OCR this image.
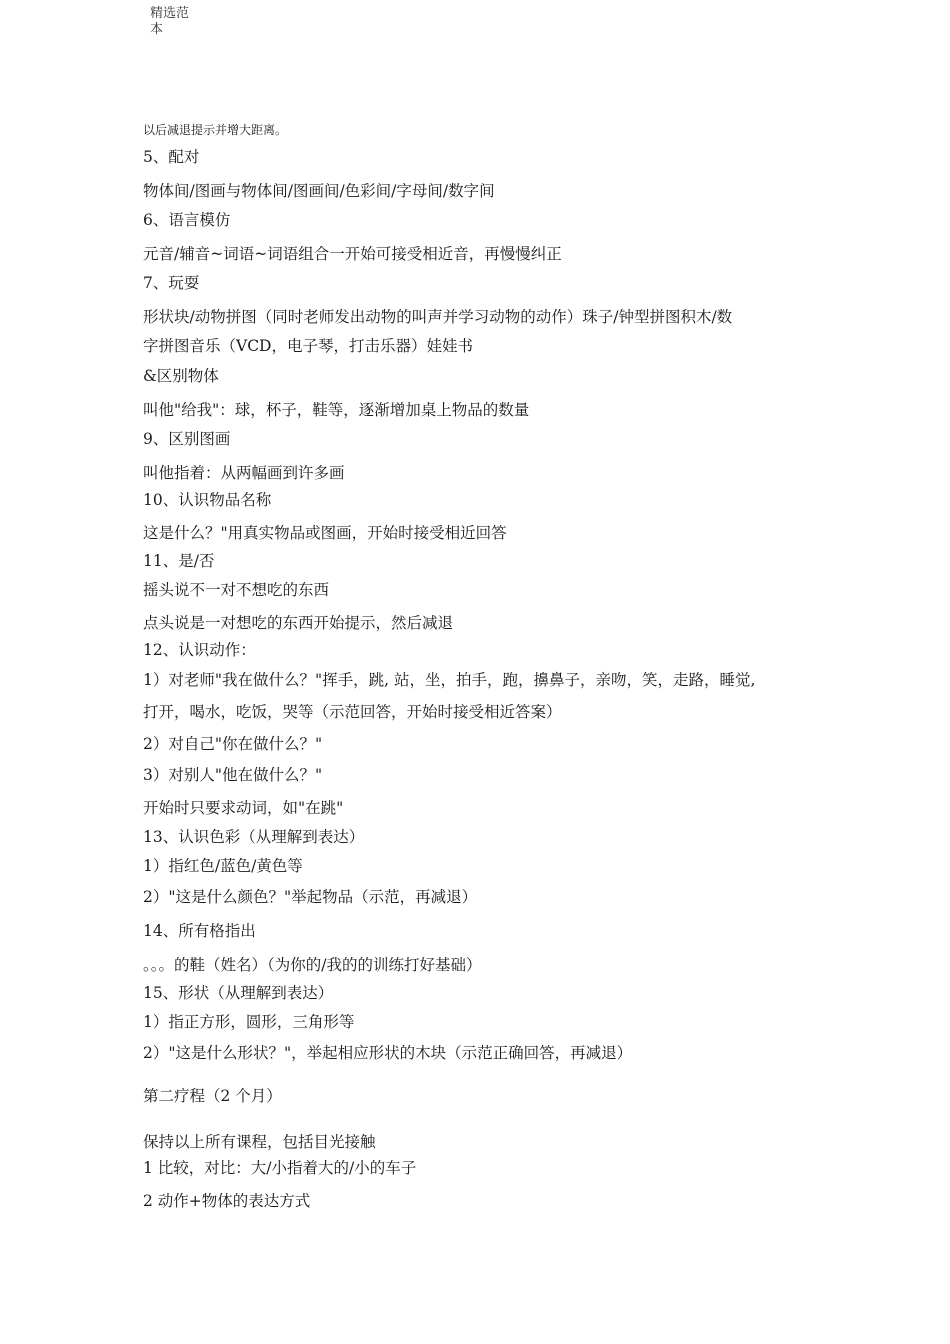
精选范
本
以后减退提示并增大距离。
5、配对
物体间/图画与物体间/图画间/色彩间/字母间/数字间
6、语言模仿
元音/辅音~词语~词语组合一开始可接受相近音，再慢慢纠正
7、玩耍
形状块/动物拼图（同时老师发出动物的叫声并学习动物的动作）珠子/钟型拼图积木/数
字拼图音乐（VCD，电子琴，打击乐器）娃娃书
&区别物体
叫他"给我"：球，杯子，鞋等，逐渐增加桌上物品的数量
9、区别图画
叫他指着：从两幅画到许多画
10、认识物品名称
这是什么？"用真实物品或图画，开始时接受相近回答
11、是/否
摇头说不一对不想吃的东西
点头说是一对想吃的东西开始提示，然后减退
12、认识动作：
1）对老师"我在做什么？"挥手，跳, 站，坐，拍手，跑，擤鼻子，亲吻，笑，走路，睡觉,
打开，喝水，吃饭，哭等（示范回答，开始时接受相近答案）
2）对自己"你在做什么？"
3）对别人"他在做什么？"
开始时只要求动词，如"在跳"
13、认识色彩（从理解到表达）
1）指红色/蓝色/黄色等
2）"这是什么颜色？"举起物品（示范，再减退）
14、所有格指出
。。。的鞋（姓名）（为你的/我的的训练打好基础）
15、形状（从理解到表达）
1）指正方形，圆形，三角形等
2）"这是什么形状？"，举起相应形状的木块（示范正确回答，再减退）
第二疗程（2 个月）
保持以上所有课程，包括目光接触
1 比较，对比：大/小指着大的/小的车子
2 动作+物体的表达方式
